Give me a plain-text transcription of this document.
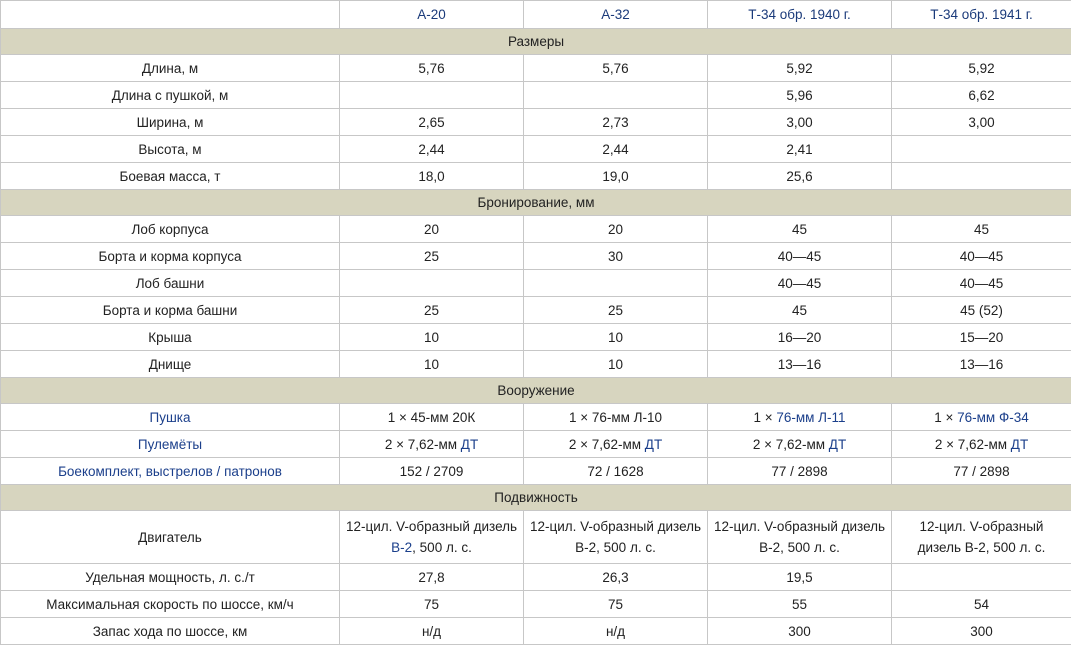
	А-20	А-32	Т-34 обр. 1940 г.	Т-34 обр. 1941 г.
Размеры				
Длина, м	5,76	5,76	5,92	5,92
Длина с пушкой, м			5,96	6,62
Ширина, м	2,65	2,73	3,00	3,00
Высота, м	2,44	2,44	2,41	
Боевая масса, т	18,0	19,0	25,6	
Бронирование, мм				
Лоб корпуса	20	20	45	45
Борта и корма корпуса	25	30	40—45	40—45
Лоб башни			40—45	40—45
Борта и корма башни	25	25	45	45 (52)
Крыша	10	10	16—20	15—20
Днище	10	10	13—16	13—16
Вооружение				
Пушка	1 × 45-мм 20К	1 × 76-мм Л-10	1 × 76-мм Л-11	1 × 76-мм Ф-34
Пулемёты	2 × 7,62-мм ДТ	2 × 7,62-мм ДТ	2 × 7,62-мм ДТ	2 × 7,62-мм ДТ
Боекомплект, выстрелов / патронов	152 / 2709	72 / 1628	77 / 2898	77 / 2898
Подвижность				
Двигатель	12-цил. V-образный дизель В-2, 500 л. с.	12-цил. V-образный дизель В-2, 500 л. с.	12-цил. V-образный дизель В-2, 500 л. с.	12-цил. V-образный дизель В-2, 500 л. с.
Удельная мощность, л. с./т	27,8	26,3	19,5	
Максимальная скорость по шоссе, км/ч	75	75	55	54
Запас хода по шоссе, км	н/д	н/д	300	300
